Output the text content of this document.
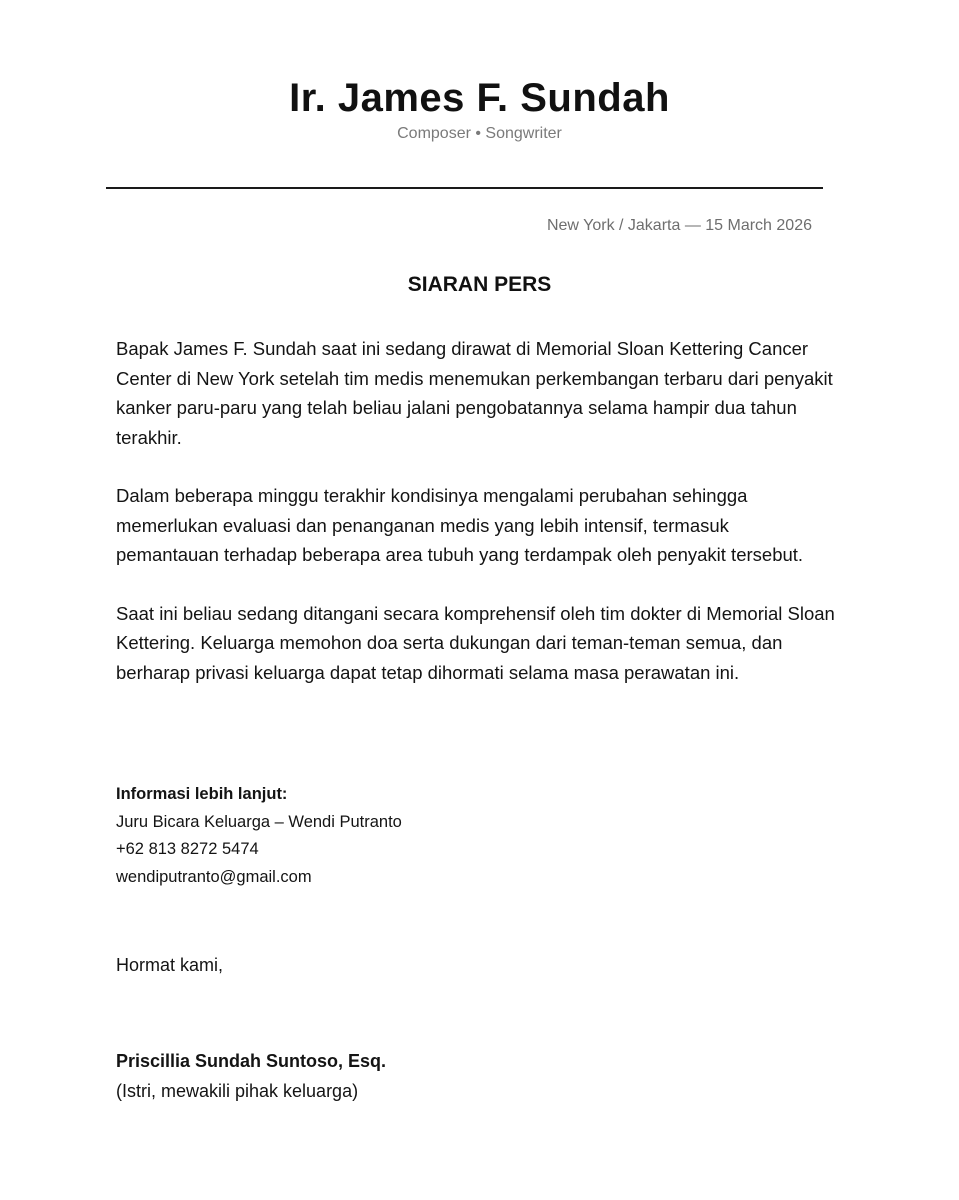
Ir. James F. Sundah
Composer • Songwriter
New York / Jakarta — 15 March 2026
SIARAN PERS

Bapak James F. Sundah saat ini sedang dirawat di Memorial Sloan Kettering Cancer Center di New York setelah tim medis menemukan perkembangan terbaru dari penyakit kanker paru-paru yang telah beliau jalani pengobatannya selama hampir dua tahun terakhir.

Dalam beberapa minggu terakhir kondisinya mengalami perubahan sehingga memerlukan evaluasi dan penanganan medis yang lebih intensif, termasuk pemantauan terhadap beberapa area tubuh yang terdampak oleh penyakit tersebut.

Saat ini beliau sedang ditangani secara komprehensif oleh tim dokter di Memorial Sloan Kettering. Keluarga memohon doa serta dukungan dari teman-teman semua, dan berharap privasi keluarga dapat tetap dihormati selama masa perawatan ini.

Informasi lebih lanjut:
Juru Bicara Keluarga – Wendi Putranto
+62 813 8272 5474
wendiputranto@gmail.com
Hormat kami,
Priscillia Sundah Suntoso, Esq.
(Istri, mewakili pihak keluarga)
